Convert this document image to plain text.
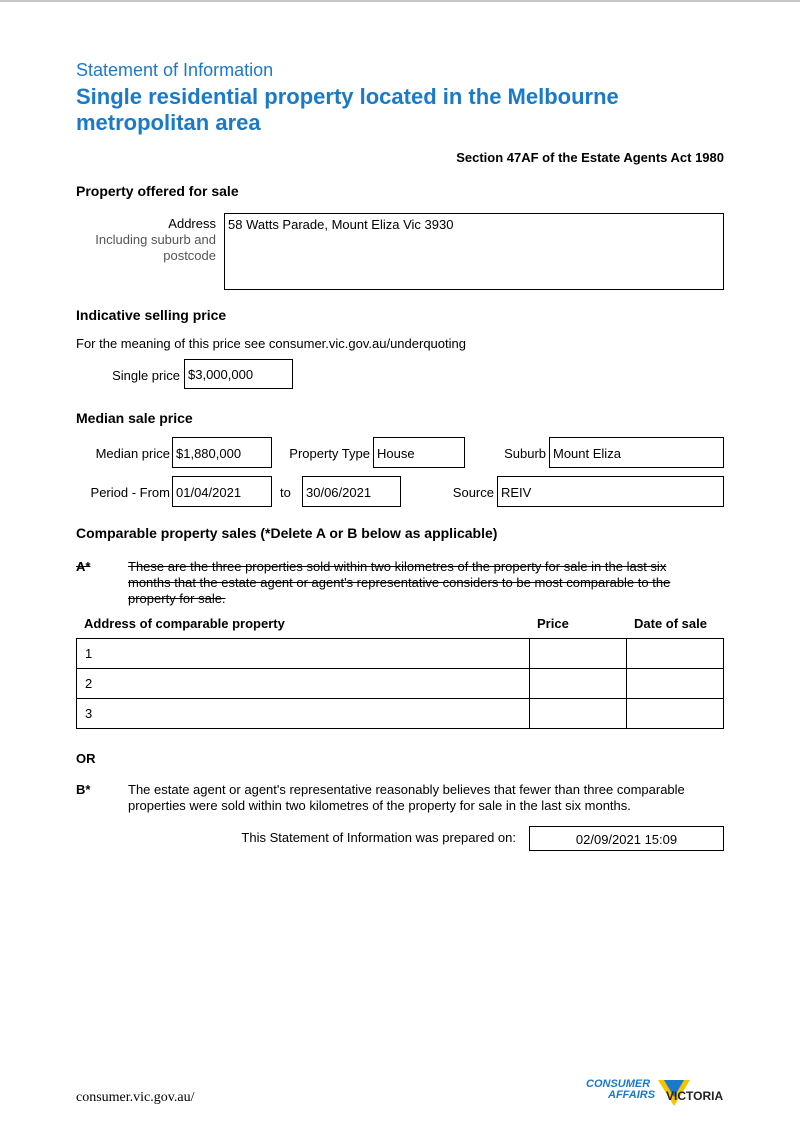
Statement of Information
Single residential property located in the Melbourne
metropolitan area
Section 47AF of the Estate Agents Act 1980
Property offered for sale
Address
Including suburb and
postcode
58 Watts Parade, Mount Eliza Vic 3930
Indicative selling price
For the meaning of this price see consumer.vic.gov.au/underquoting
Single price $3,000,000
Median sale price
Median price $1,880,000	Property Type House	Suburb Mount Eliza
Period - From 01/04/2021	to	30/06/2021	Source REIV
Comparable property sales (*Delete A or B below as applicable)
A*	These are the three properties sold within two kilometres of the property for sale in the last six
months that the estate agent or agent's representative considers to be most comparable to the
property for sale.
Address of comparable property	Price	Date of sale
1		
2		
3		
OR
B*	The estate agent or agent's representative reasonably believes that fewer than three comparable
properties were sold within two kilometres of the property for sale in the last six months.
This Statement of Information was prepared on:	02/09/2021 15:09
consumer.vic.gov.au/
CONSUMER
AFFAIRS VICTORIA
